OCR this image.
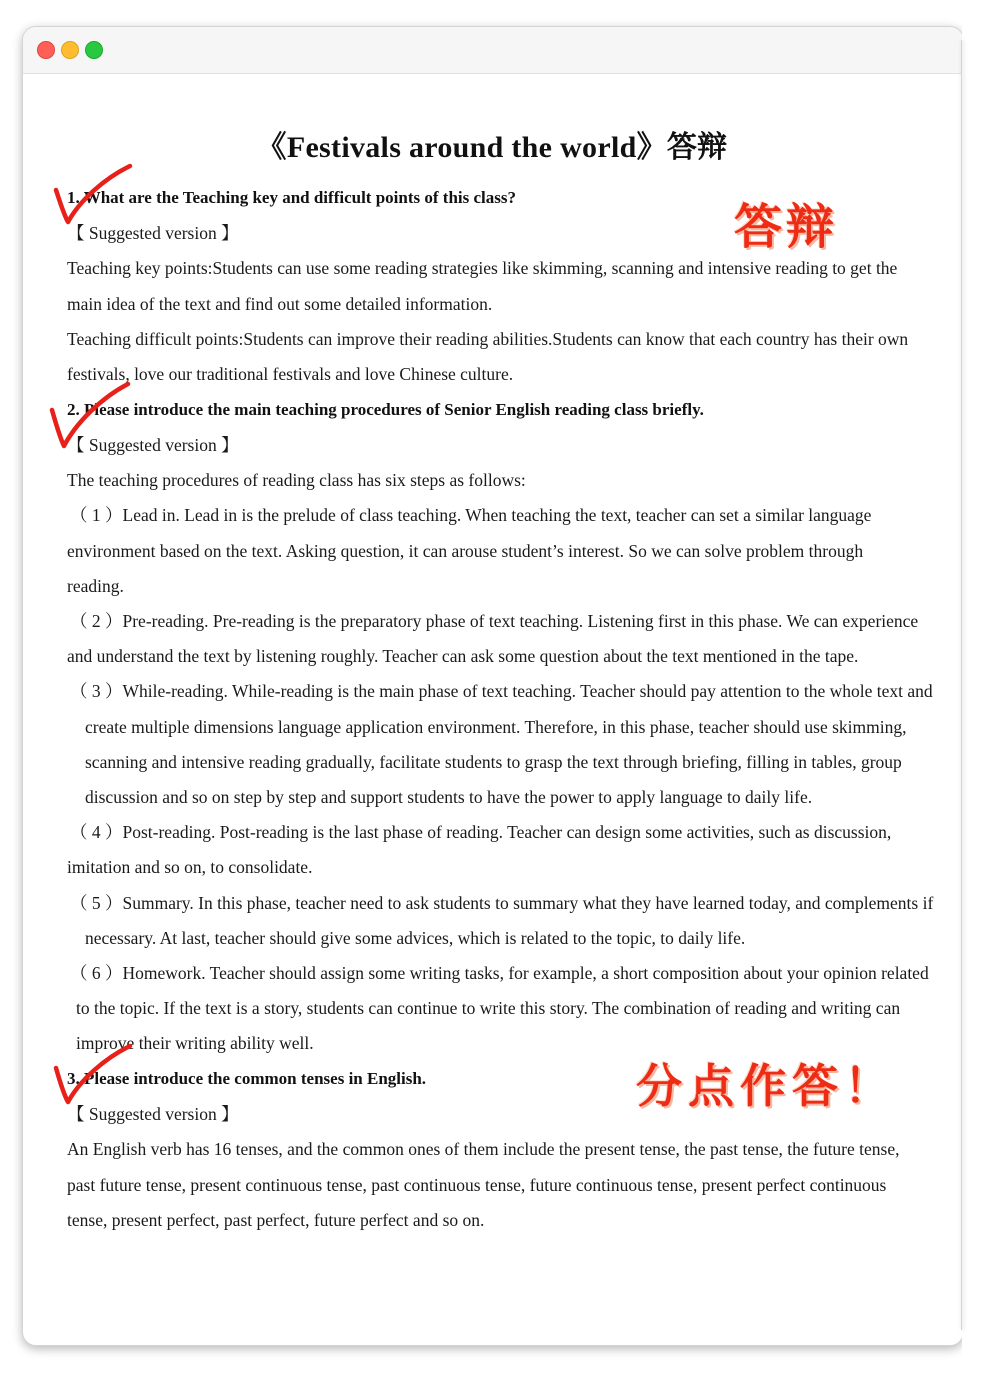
《Festivals around the world》答辩
1. What are the Teaching key and difficult points of this class?
【 Suggested version 】
Teaching key points:Students can use some reading strategies like skimming, scanning and intensive reading to get the
main idea of the text and find out some detailed information.
Teaching difficult points:Students can improve their reading abilities.Students can know that each country has their own
festivals, love our traditional festivals and love Chinese culture.
2. Please introduce the main teaching procedures of Senior English reading class briefly.
【 Suggested version 】
The teaching procedures of reading class has six steps as follows:
（ 1 ）Lead in. Lead in is the prelude of class teaching. When teaching the text, teacher can set a similar language
environment based on the text. Asking question, it can arouse student’s interest. So we can solve problem through
reading.
（ 2 ）Pre-reading. Pre-reading is the preparatory phase of text teaching. Listening first in this phase. We can experience
and understand the text by listening roughly. Teacher can ask some question about the text mentioned in the tape.
（ 3 ）While-reading. While-reading is the main phase of text teaching. Teacher should pay attention to the whole text and
create multiple dimensions language application environment. Therefore, in this phase, teacher should use skimming,
scanning and intensive reading gradually, facilitate students to grasp the text through briefing, filling in tables, group
discussion and so on step by step and support students to have the power to apply language to daily life.
（ 4 ）Post-reading. Post-reading is the last phase of reading. Teacher can design some activities, such as discussion,
imitation and so on, to consolidate.
（ 5 ）Summary. In this phase, teacher need to ask students to summary what they have learned today, and complements if
necessary. At last, teacher should give some advices, which is related to the topic, to daily life.
（ 6 ）Homework. Teacher should assign some writing tasks, for example, a short composition about your opinion related
to the topic. If the text is a story, students can continue to write this story. The combination of reading and writing can
improve their writing ability well.
3. Please introduce the common tenses in English.
【 Suggested version 】
An English verb has 16 tenses, and the common ones of them include the present tense, the past tense, the future tense,
past future tense, present continuous tense, past continuous tense, future continuous tense, present perfect continuous
tense, present perfect, past perfect, future perfect and so on.
答辩
分点作答！
